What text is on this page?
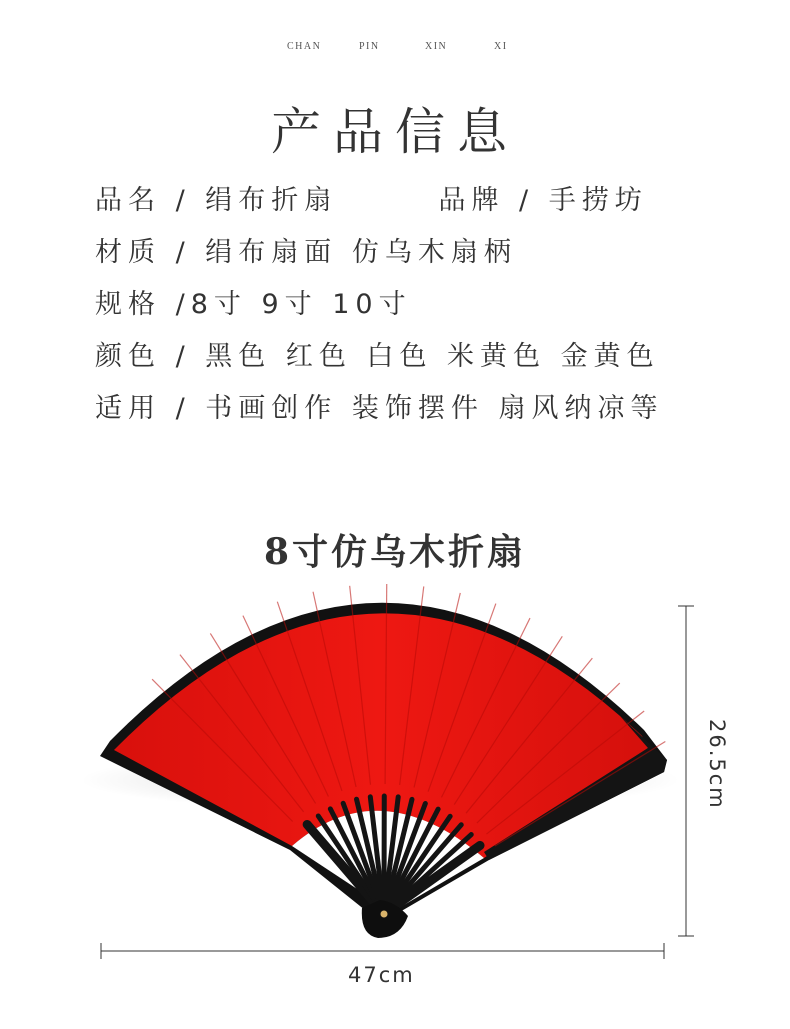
CHAN	PIN	XIN	XI
产品信息
品名 / 绢布折扇	品牌 / 手捞坊
材质 / 绢布扇面 仿乌木扇柄
规格 /8寸 9寸 10寸
颜色 / 黑色 红色 白色 米黄色 金黄色
适用 / 书画创作 装饰摆件 扇风纳凉等
8寸仿乌木折扇
47cm
26.5cm
